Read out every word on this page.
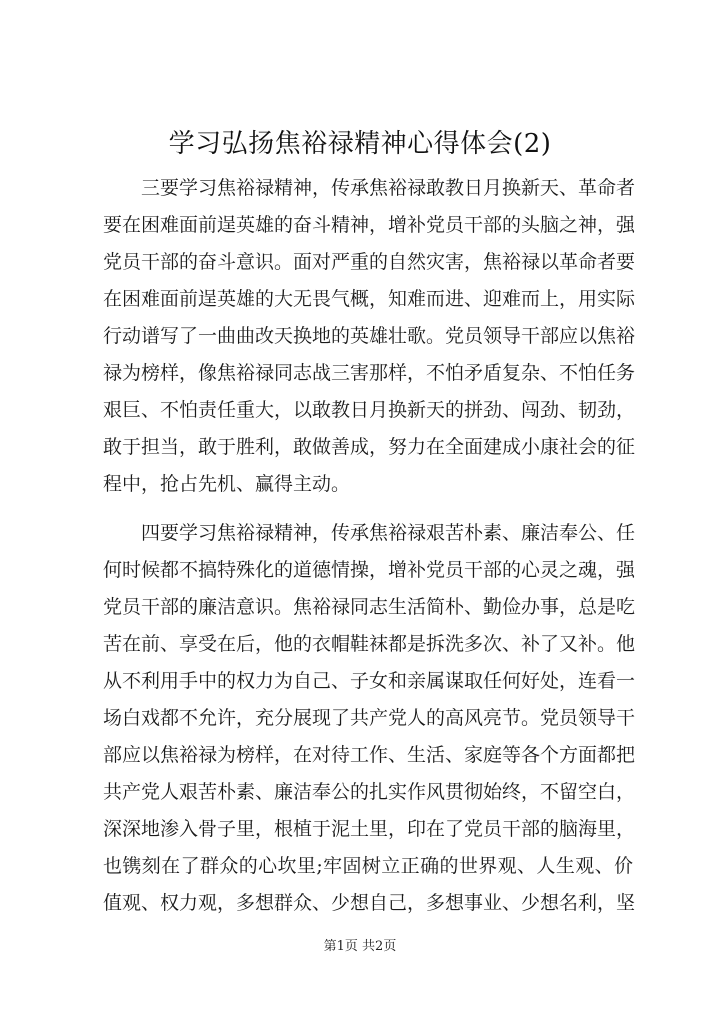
学习弘扬焦裕禄精神心得体会(2)
三要学习焦裕禄精神，传承焦裕禄敢教日月换新天、革命者
要在困难面前逞英雄的奋斗精神，增补党员干部的头脑之神，强
党员干部的奋斗意识。面对严重的自然灾害，焦裕禄以革命者要
在困难面前逞英雄的大无畏气概，知难而进、迎难而上，用实际
行动谱写了一曲曲改天换地的英雄壮歌。党员领导干部应以焦裕
禄为榜样，像焦裕禄同志战三害那样，不怕矛盾复杂、不怕任务
艰巨、不怕责任重大，以敢教日月换新天的拼劲、闯劲、韧劲，
敢于担当，敢于胜利，敢做善成，努力在全面建成小康社会的征
程中，抢占先机、赢得主动。
四要学习焦裕禄精神，传承焦裕禄艰苦朴素、廉洁奉公、任
何时候都不搞特殊化的道德情操，增补党员干部的心灵之魂，强
党员干部的廉洁意识。焦裕禄同志生活简朴、勤俭办事，总是吃
苦在前、享受在后，他的衣帽鞋袜都是拆洗多次、补了又补。他
从不利用手中的权力为自己、子女和亲属谋取任何好处，连看一
场白戏都不允许，充分展现了共产党人的高风亮节。党员领导干
部应以焦裕禄为榜样，在对待工作、生活、家庭等各个方面都把
共产党人艰苦朴素、廉洁奉公的扎实作风贯彻始终，不留空白，
深深地渗入骨子里，根植于泥土里，印在了党员干部的脑海里，
也镌刻在了群众的心坎里;牢固树立正确的世界观、人生观、价
值观、权力观，多想群众、少想自己，多想事业、少想名利，坚
第1页 共2页
